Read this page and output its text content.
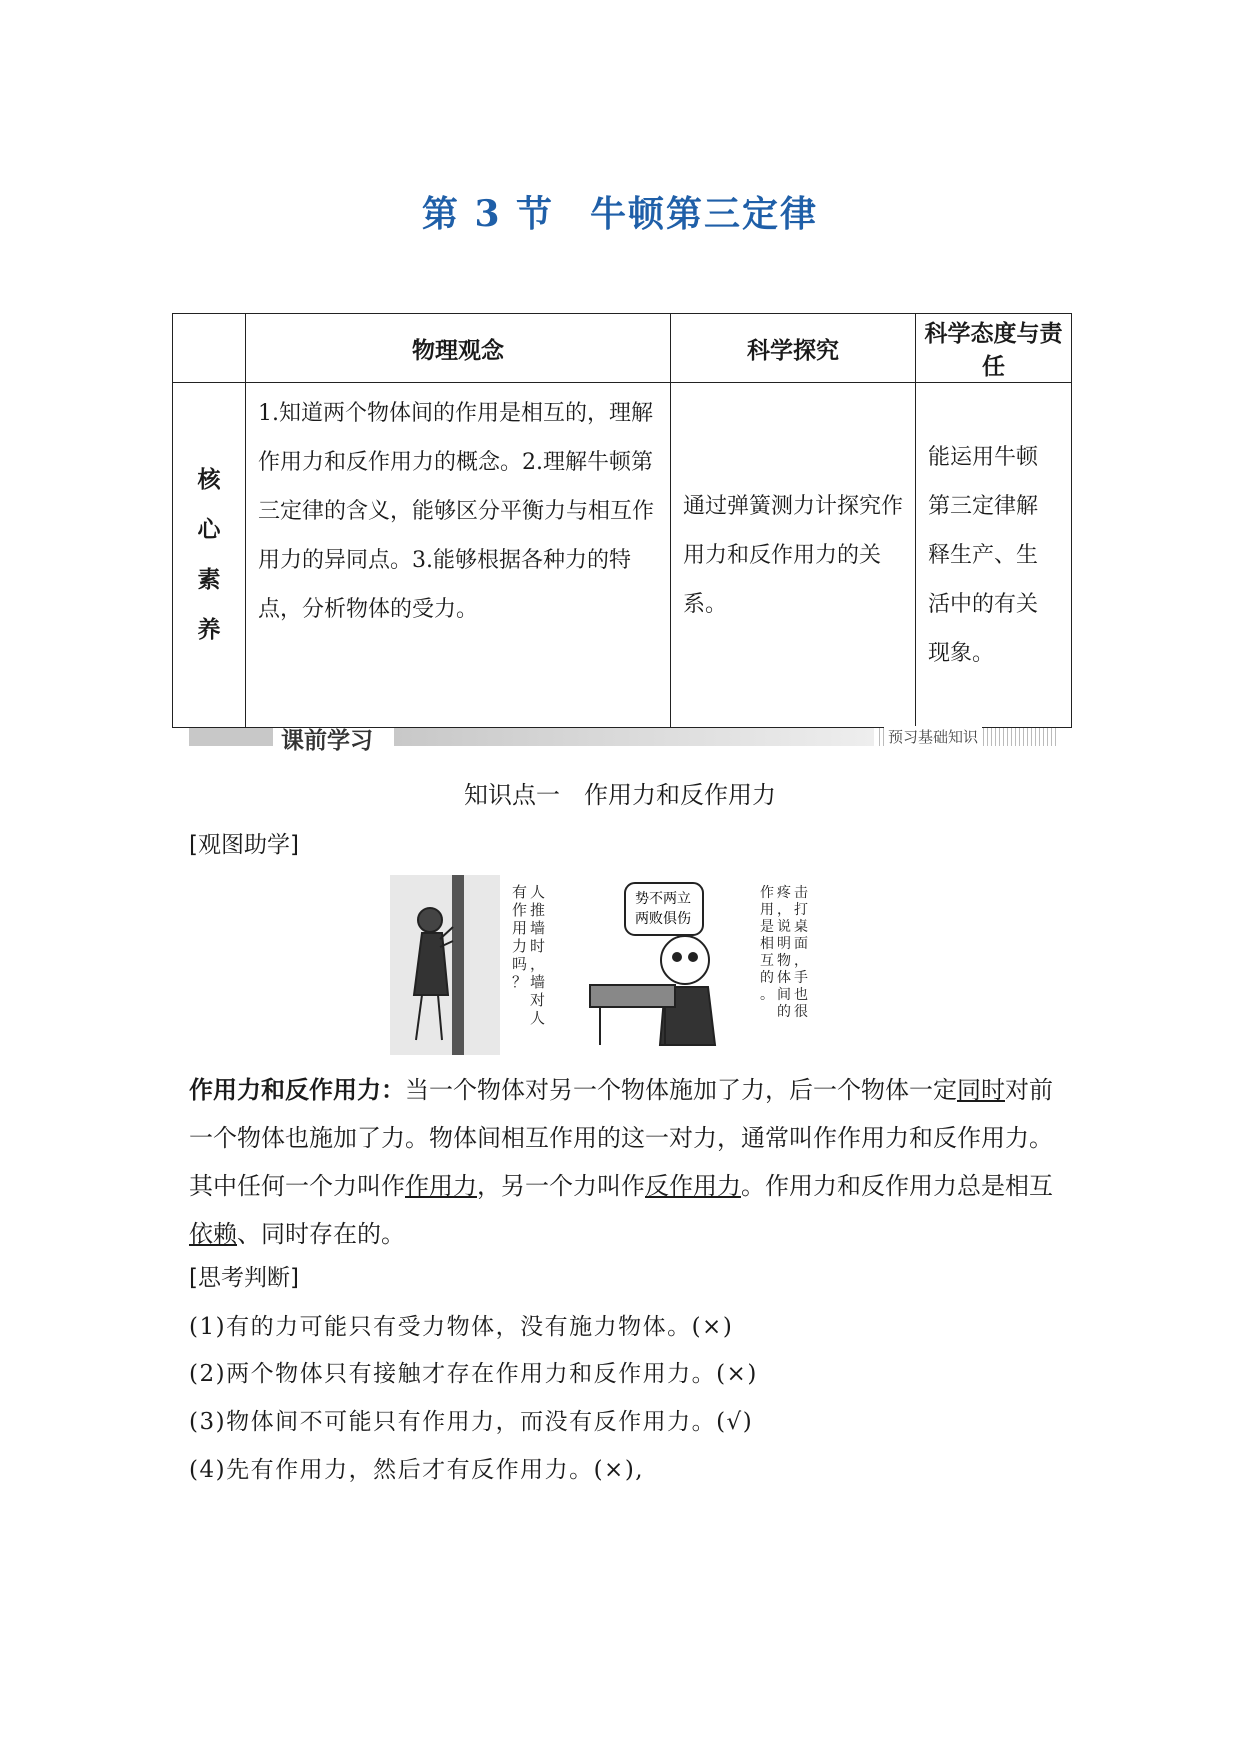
第 3 节 牛顿第三定律
	物理观念	科学探究	科学态度与责任

核
心
素
养	1.知道两个物体间的作用是相互的，理解作用力和反作用力的概念。2.理解牛顿第三定律的含义，能够区分平衡力与相互作用力的异同点。3.能够根据各种力的特点，分析物体的受力。	通过弹簧测力计探究作用力和反作用力的关系。	能运用牛顿第三定律解释生产、生活中的有关现象。
课前学习	预习基础知识
知识点一 作用力和反作用力
[观图助学]
有
作
用
力
吗
？
人
推
墙
时
，
墙
对
人
势不两立
两败俱伤
作
用
是
相
互
的
。
疼
，
说
明
物
体
间
的
击
打
桌
面
，
手
也
很
作用力和反作用力：当一个物体对另一个物体施加了力，后一个物体一定同时对前一个物体也施加了力。物体间相互作用的这一对力，通常叫作作用力和反作用力。其中任何一个力叫作作用力，另一个力叫作反作用力。作用力和反作用力总是相互依赖、同时存在的。
[思考判断]
(1)有的力可能只有受力物体，没有施力物体。(×)
(2)两个物体只有接触才存在作用力和反作用力。(×)
(3)物体间不可能只有作用力，而没有反作用力。(√)
(4)先有作用力，然后才有反作用力。(×),
